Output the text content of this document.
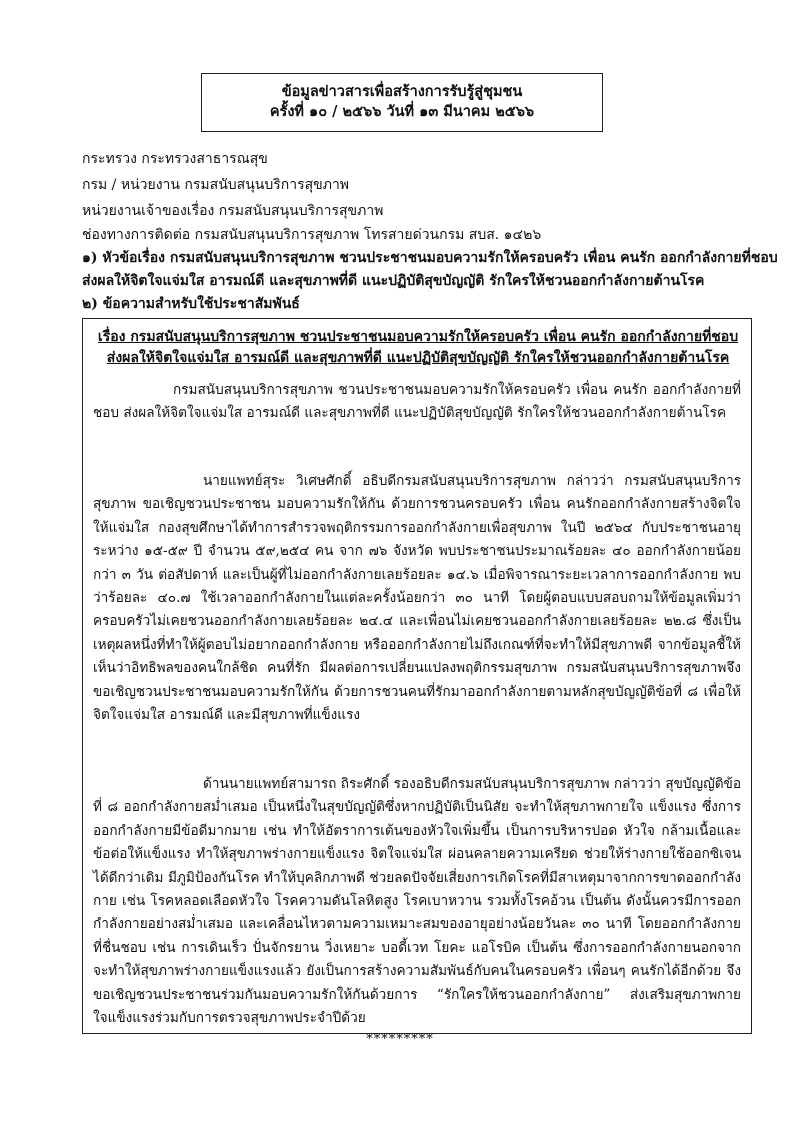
ข้อมูลข่าวสารเพื่อสร้างการรับรู้สู่ชุมชน
ครั้งที่ ๑๐ / ๒๕๖๖ วันที่ ๑๓ มีนาคม ๒๕๖๖
กระทรวง กระทรวงสาธารณสุข
กรม / หน่วยงาน กรมสนับสนุนบริการสุขภาพ
หน่วยงานเจ้าของเรื่อง กรมสนับสนุนบริการสุขภาพ
ช่องทางการติดต่อ กรมสนับสนุนบริการสุขภาพ โทรสายด่วนกรม สบส. ๑๔๒๖
๑) หัวข้อเรื่อง กรมสนับสนุนบริการสุขภาพ ชวนประชาชนมอบความรักให้ครอบครัว เพื่อน คนรัก ออกกำลังกายที่ชอบ
ส่งผลให้จิตใจแจ่มใส อารมณ์ดี และสุขภาพที่ดี แนะปฏิบัติสุขบัญญัติ รักใครให้ชวนออกกำลังกายต้านโรค
๒) ข้อความสำหรับใช้ประชาสัมพันธ์
เรื่อง กรมสนับสนุนบริการสุขภาพ ชวนประชาชนมอบความรักให้ครอบครัว เพื่อน คนรัก ออกกำลังกายที่ชอบ ส่งผลให้จิตใจแจ่มใส อารมณ์ดี และสุขภาพที่ดี แนะปฏิบัติสุขบัญญัติ รักใครให้ชวนออกกำลังกายต้านโรค
กรมสนับสนุนบริการสุขภาพ ชวนประชาชนมอบความรักให้ครอบครัว เพื่อน คนรัก ออกกำลังกายที่ชอบ ส่งผลให้จิตใจแจ่มใส อารมณ์ดี และสุขภาพที่ดี แนะปฏิบัติสุขบัญญัติ รักใครให้ชวนออกกำลังกายต้านโรค
นายแพทย์สุระ วิเศษศักดิ์ อธิบดีกรมสนับสนุนบริการสุขภาพ กล่าวว่า กรมสนับสนุนบริการสุขภาพ ขอเชิญชวนประชาชน มอบความรักให้กัน ด้วยการชวนครอบครัว เพื่อน คนรักออกกำลังกายสร้างจิตใจให้แจ่มใส กองสุขศึกษาได้ทำการสำรวจพฤติกรรมการออกกำลังกายเพื่อสุขภาพ ในปี ๒๕๖๔ กับประชาชนอายุระหว่าง ๑๕-๕๙ ปี จำนวน ๕๙,๒๕๔ คน จาก ๗๖ จังหวัด พบประชาชนประมาณร้อยละ ๔๐ ออกกำลังกายน้อยกว่า ๓ วัน ต่อสัปดาห์ และเป็นผู้ที่ไม่ออกกำลังกายเลยร้อยละ ๑๔.๖ เมื่อพิจารณาระยะเวลาการออกกำลังกาย พบว่าร้อยละ ๔๐.๗ ใช้เวลาออกกำลังกายในแต่ละครั้งน้อยกว่า ๓๐ นาที โดยผู้ตอบแบบสอบถามให้ข้อมูลเพิ่มว่าครอบครัวไม่เคยชวนออกกำลังกายเลยร้อยละ ๒๔.๔ และเพื่อนไม่เคยชวนออกกำลังกายเลยร้อยละ ๒๒.๘ ซึ่งเป็นเหตุผลหนึ่งที่ทำให้ผู้ตอบไม่อยากออกกำลังกาย หรือออกกำลังกายไม่ถึงเกณฑ์ที่จะทำให้มีสุขภาพดี จากข้อมูลชี้ให้เห็นว่าอิทธิพลของคนใกล้ชิด คนที่รัก มีผลต่อการเปลี่ยนแปลงพฤติกรรมสุขภาพ กรมสนับสนุนบริการสุขภาพจึงขอเชิญชวนประชาชนมอบความรักให้กัน ด้วยการชวนคนที่รักมาออกกำลังกายตามหลักสุขบัญญัติข้อที่ ๘ เพื่อให้จิตใจแจ่มใส อารมณ์ดี และมีสุขภาพที่แข็งแรง
ด้านนายแพทย์สามารถ ถิระศักดิ์ รองอธิบดีกรมสนับสนุนบริการสุขภาพ กล่าวว่า สุขบัญญัติข้อที่ ๘ ออกกำลังกายสม่ำเสมอ เป็นหนึ่งในสุขบัญญัติซึ่งหากปฏิบัติเป็นนิสัย จะทำให้สุขภาพกายใจ แข็งแรง ซึ่งการออกกำลังกายมีข้อดีมากมาย เช่น ทำให้อัตราการเต้นของหัวใจเพิ่มขึ้น เป็นการบริหารปอด หัวใจ กล้ามเนื้อและข้อต่อให้แข็งแรง ทำให้สุขภาพร่างกายแข็งแรง จิตใจแจ่มใส ผ่อนคลายความเครียด ช่วยให้ร่างกายใช้ออกซิเจนได้ดีกว่าเดิม มีภูมิป้องกันโรค ทำให้บุคลิกภาพดี ช่วยลดปัจจัยเสี่ยงการเกิดโรคที่มีสาเหตุมาจากการขาดออกกำลังกาย เช่น โรคหลอดเลือดหัวใจ โรคความดันโลหิตสูง โรคเบาหวาน รวมทั้งโรคอ้วน เป็นต้น ดังนั้นควรมีการออกกำลังกายอย่างสม่ำเสมอ และเคลื่อนไหวตามความเหมาะสมของอายุอย่างน้อยวันละ ๓๐ นาที โดยออกกำลังกายที่ชื่นชอบ เช่น การเดินเร็ว ปั่นจักรยาน วิ่งเหยาะ บอดี้เวท โยคะ แอโรบิค เป็นต้น ซึ่งการออกกำลังกายนอกจากจะทำให้สุขภาพร่างกายแข็งแรงแล้ว ยังเป็นการสร้างความสัมพันธ์กับคนในครอบครัว เพื่อนๆ คนรักได้อีกด้วย จึงขอเชิญชวนประชาชนร่วมกันมอบความรักให้กันด้วยการ “รักใครให้ชวนออกกำลังกาย” ส่งเสริมสุขภาพกายใจแข็งแรงร่วมกับการตรวจสุขภาพประจำปีด้วย
*********
